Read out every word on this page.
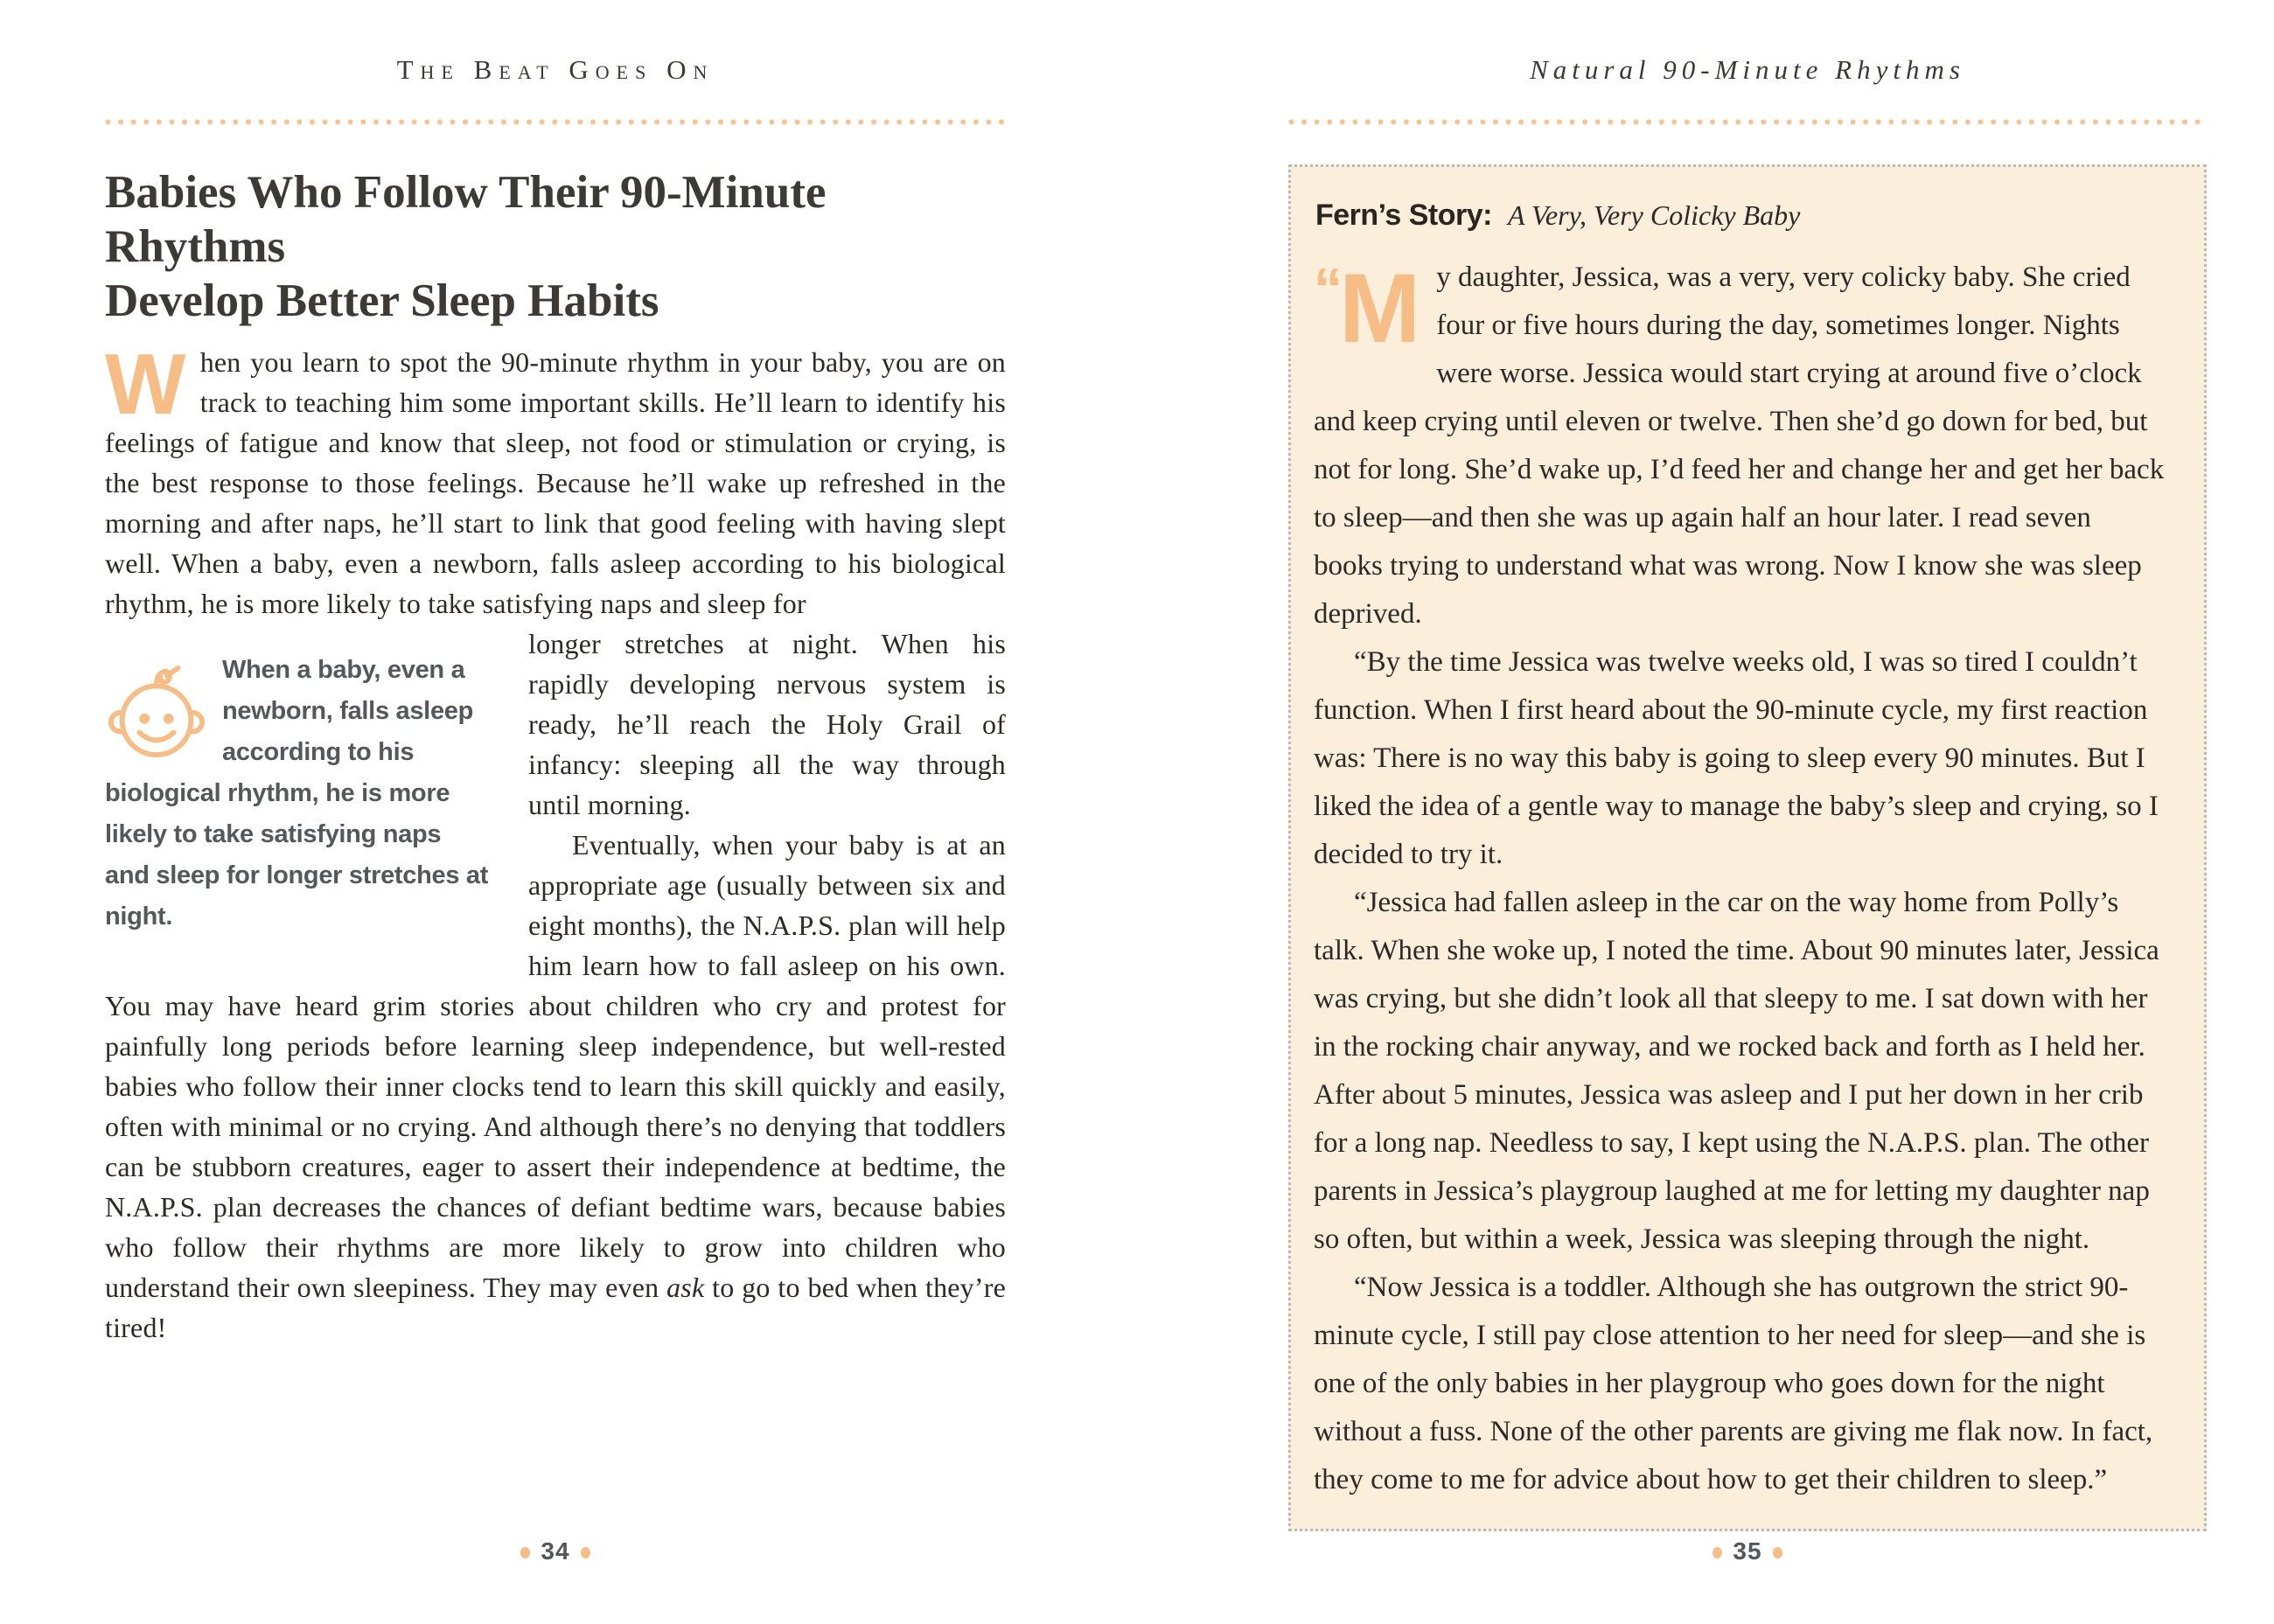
The Beat Goes On
Babies Who Follow Their 90-Minute Rhythms
Develop Better Sleep Habits

When you learn to spot the 90-minute rhythm in your baby, you are on track to teaching him some important skills. He’ll learn to identify his feelings of fatigue and know that sleep, not food or stimulation or crying, is the best response to those feelings. Because he’ll wake up refreshed in the morning and after naps, he’ll start to link that good feeling with having slept well. When a baby, even a newborn, falls asleep according to his biological rhythm, he is more likely to take satisfying naps and sleep for

When a baby, even a newborn, falls asleep according to his biological rhythm, he is more likely to take satisfying naps and sleep for longer stretches at night.

longer stretches at night. When his rapidly developing nervous system is ready, he’ll reach the Holy Grail of infancy: sleeping all the way through until morning.

Eventually, when your baby is at an appropriate age (usually between six and eight months), the N.A.P.S. plan will help him learn how to fall asleep on his own. You may have heard grim stories about children who cry and protest for painfully long periods before learning sleep independence, but well-rested babies who follow their inner clocks tend to learn this skill quickly and easily, often with minimal or no crying. And although there’s no denying that toddlers can be stubborn creatures, eager to assert their independence at bedtime, the N.A.P.S. plan decreases the chances of defiant bedtime wars, because babies who follow their rhythms are more likely to grow into children who understand their own sleepiness. They may even ask to go to bed when they’re tired!

34
Natural 90-Minute Rhythms
Fern’s Story: A Very, Very Colicky Baby

“M y daughter, Jessica, was a very, very colicky baby. She cried four or five hours during the day, sometimes longer. Nights were worse. Jessica would start crying at around five o’clock and keep crying until eleven or twelve. Then she’d go down for bed, but not for long. She’d wake up, I’d feed her and change her and get her back to sleep—and then she was up again half an hour later. I read seven books trying to understand what was wrong. Now I know she was sleep deprived.

“By the time Jessica was twelve weeks old, I was so tired I couldn’t function. When I first heard about the 90-minute cycle, my first reaction was: There is no way this baby is going to sleep every 90 minutes. But I liked the idea of a gentle way to manage the baby’s sleep and crying, so I decided to try it.

“Jessica had fallen asleep in the car on the way home from Polly’s talk. When she woke up, I noted the time. About 90 minutes later, Jessica was crying, but she didn’t look all that sleepy to me. I sat down with her in the rocking chair anyway, and we rocked back and forth as I held her. After about 5 minutes, Jessica was asleep and I put her down in her crib for a long nap. Needless to say, I kept using the N.A.P.S. plan. The other parents in Jessica’s playgroup laughed at me for letting my daughter nap so often, but within a week, Jessica was sleeping through the night.

“Now Jessica is a toddler. Although she has outgrown the strict 90-minute cycle, I still pay close attention to her need for sleep—and she is one of the only babies in her playgroup who goes down for the night without a fuss. None of the other parents are giving me flak now. In fact, they come to me for advice about how to get their children to sleep.”

35
